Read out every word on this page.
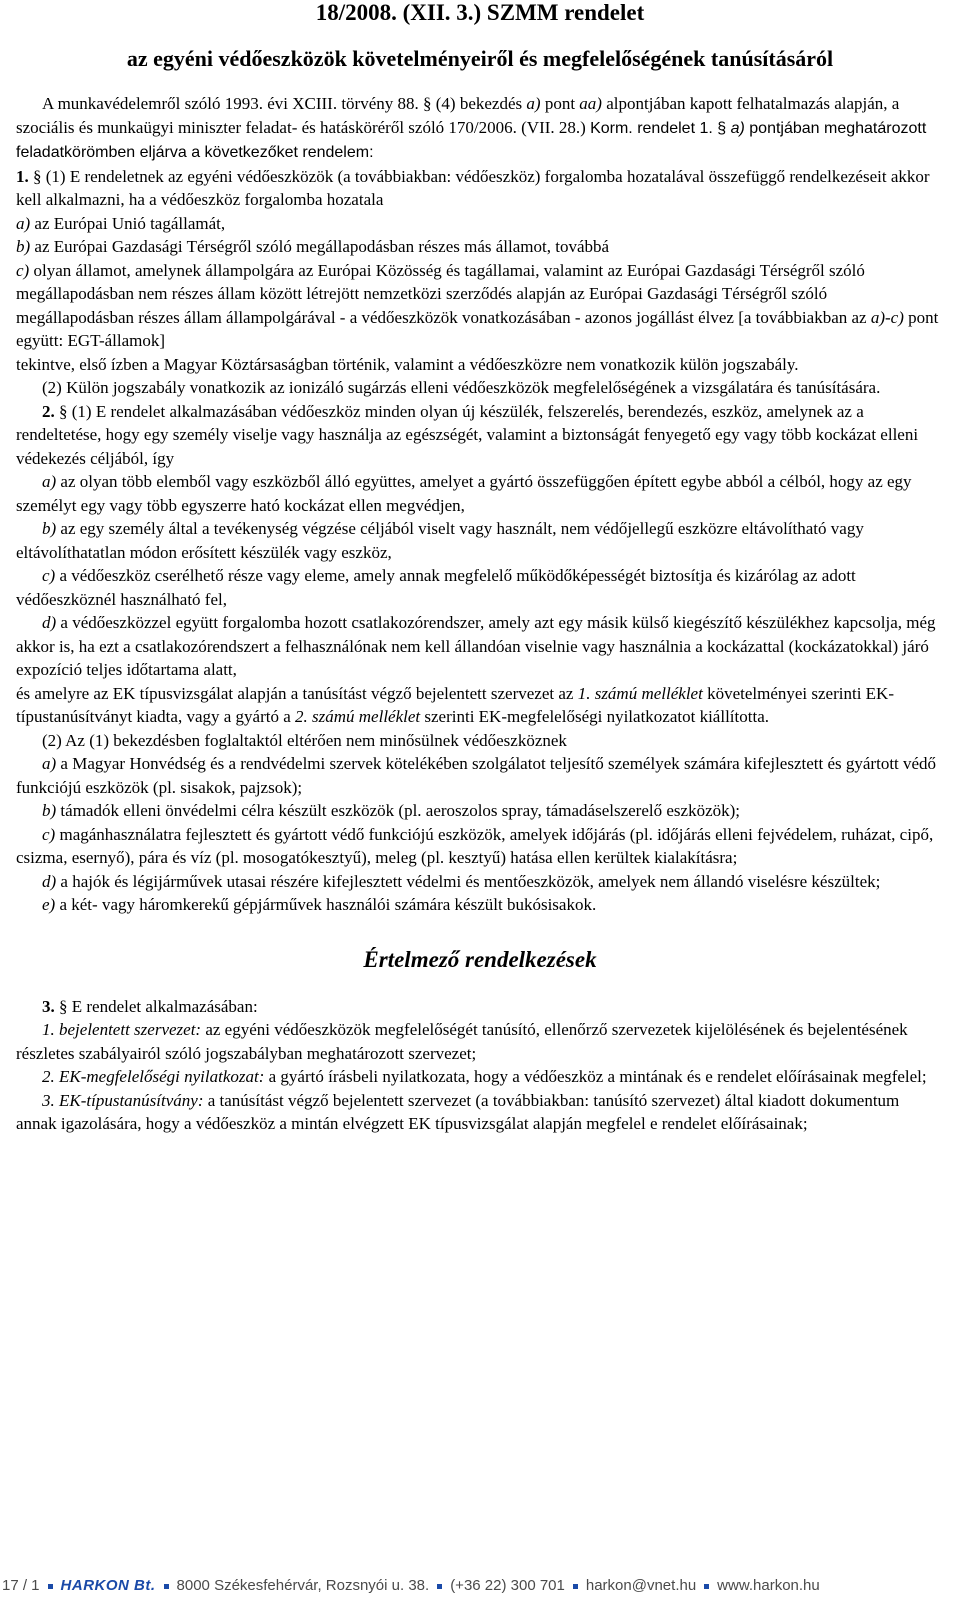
18/2008. (XII. 3.) SZMM rendelet
az egyéni védőeszközök követelményeiről és megfelelőségének tanúsításáról

A munkavédelemről szóló 1993. évi XCIII. törvény 88. § (4) bekezdés a) pont aa) alpontjában kapott felhatalmazás alapján, a szociális és munkaügyi miniszter feladat- és hatásköréről szóló 170/2006. (VII. 28.) Korm. rendelet 1. § a) pontjában meghatározott feladatkörömben eljárva a következőket rendelem:

1. § (1) E rendeletnek az egyéni védőeszközök (a továbbiakban: védőeszköz) forgalomba hozatalával összefüggő rendelkezéseit akkor kell alkalmazni, ha a védőeszköz forgalomba hozatala

a) az Európai Unió tagállamát,

b) az Európai Gazdasági Térségről szóló megállapodásban részes más államot, továbbá

c) olyan államot, amelynek állampolgára az Európai Közösség és tagállamai, valamint az Európai Gazdasági Térségről szóló megállapodásban nem részes állam között létrejött nemzetközi szerződés alapján az Európai Gazdasági Térségről szóló megállapodásban részes állam állampolgárával - a védőeszközök vonatkozásában - azonos jogállást élvez [a továbbiakban az a)-c) pont együtt: EGT-államok]

tekintve, első ízben a Magyar Köztársaságban történik, valamint a védőeszközre nem vonatkozik külön jogszabály.

(2) Külön jogszabály vonatkozik az ionizáló sugárzás elleni védőeszközök megfelelőségének a vizsgálatára és tanúsítására.

2. § (1) E rendelet alkalmazásában védőeszköz minden olyan új készülék, felszerelés, berendezés, eszköz, amelynek az a rendeltetése, hogy egy személy viselje vagy használja az egészségét, valamint a biztonságát fenyegető egy vagy több kockázat elleni védekezés céljából, így

a) az olyan több elemből vagy eszközből álló együttes, amelyet a gyártó összefüggően épített egybe abból a célból, hogy az egy személyt egy vagy több egyszerre ható kockázat ellen megvédjen,

b) az egy személy által a tevékenység végzése céljából viselt vagy használt, nem védőjellegű eszközre eltávolítható vagy eltávolíthatatlan módon erősített készülék vagy eszköz,

c) a védőeszköz cserélhető része vagy eleme, amely annak megfelelő működőképességét biztosítja és kizárólag az adott védőeszköznél használható fel,

d) a védőeszközzel együtt forgalomba hozott csatlakozórendszer, amely azt egy másik külső kiegészítő készülékhez kapcsolja, még akkor is, ha ezt a csatlakozórendszert a felhasználónak nem kell állandóan viselnie vagy használnia a kockázattal (kockázatokkal) járó expozíció teljes időtartama alatt,

és amelyre az EK típusvizsgálat alapján a tanúsítást végző bejelentett szervezet az 1. számú melléklet követelményei szerinti EK-típustanúsítványt kiadta, vagy a gyártó a 2. számú melléklet szerinti EK-megfelelőségi nyilatkozatot kiállította.

(2) Az (1) bekezdésben foglaltaktól eltérően nem minősülnek védőeszköznek

a) a Magyar Honvédség és a rendvédelmi szervek kötelékében szolgálatot teljesítő személyek számára kifejlesztett és gyártott védő funkciójú eszközök (pl. sisakok, pajzsok);

b) támadók elleni önvédelmi célra készült eszközök (pl. aeroszolos spray, támadáselszerelő eszközök);

c) magánhasználatra fejlesztett és gyártott védő funkciójú eszközök, amelyek időjárás (pl. időjárás elleni fejvédelem, ruházat, cipő, csizma, esernyő), pára és víz (pl. mosogatókesztyű), meleg (pl. kesztyű) hatása ellen kerültek kialakításra;

d) a hajók és légijárművek utasai részére kifejlesztett védelmi és mentőeszközök, amelyek nem állandó viselésre készültek;

e) a két- vagy háromkerekű gépjárművek használói számára készült bukósisakok.

Értelmező rendelkezések

3. § E rendelet alkalmazásában:

1. bejelentett szervezet: az egyéni védőeszközök megfelelőségét tanúsító, ellenőrző szervezetek kijelölésének és bejelentésének részletes szabályairól szóló jogszabályban meghatározott szervezet;

2. EK-megfelelőségi nyilatkozat: a gyártó írásbeli nyilatkozata, hogy a védőeszköz a mintának és e rendelet előírásainak megfelel;

3. EK-típustanúsítvány: a tanúsítást végző bejelentett szervezet (a továbbiakban: tanúsító szervezet) által kiadott dokumentum annak igazolására, hogy a védőeszköz a mintán elvégzett EK típusvizsgálat alapján megfelel e rendelet előírásainak;

17 / 1 HARKON Bt. 8000 Székesfehérvár, Rozsnyói u. 38. (+36 22) 300 701 harkon@vnet.hu www.harkon.hu
